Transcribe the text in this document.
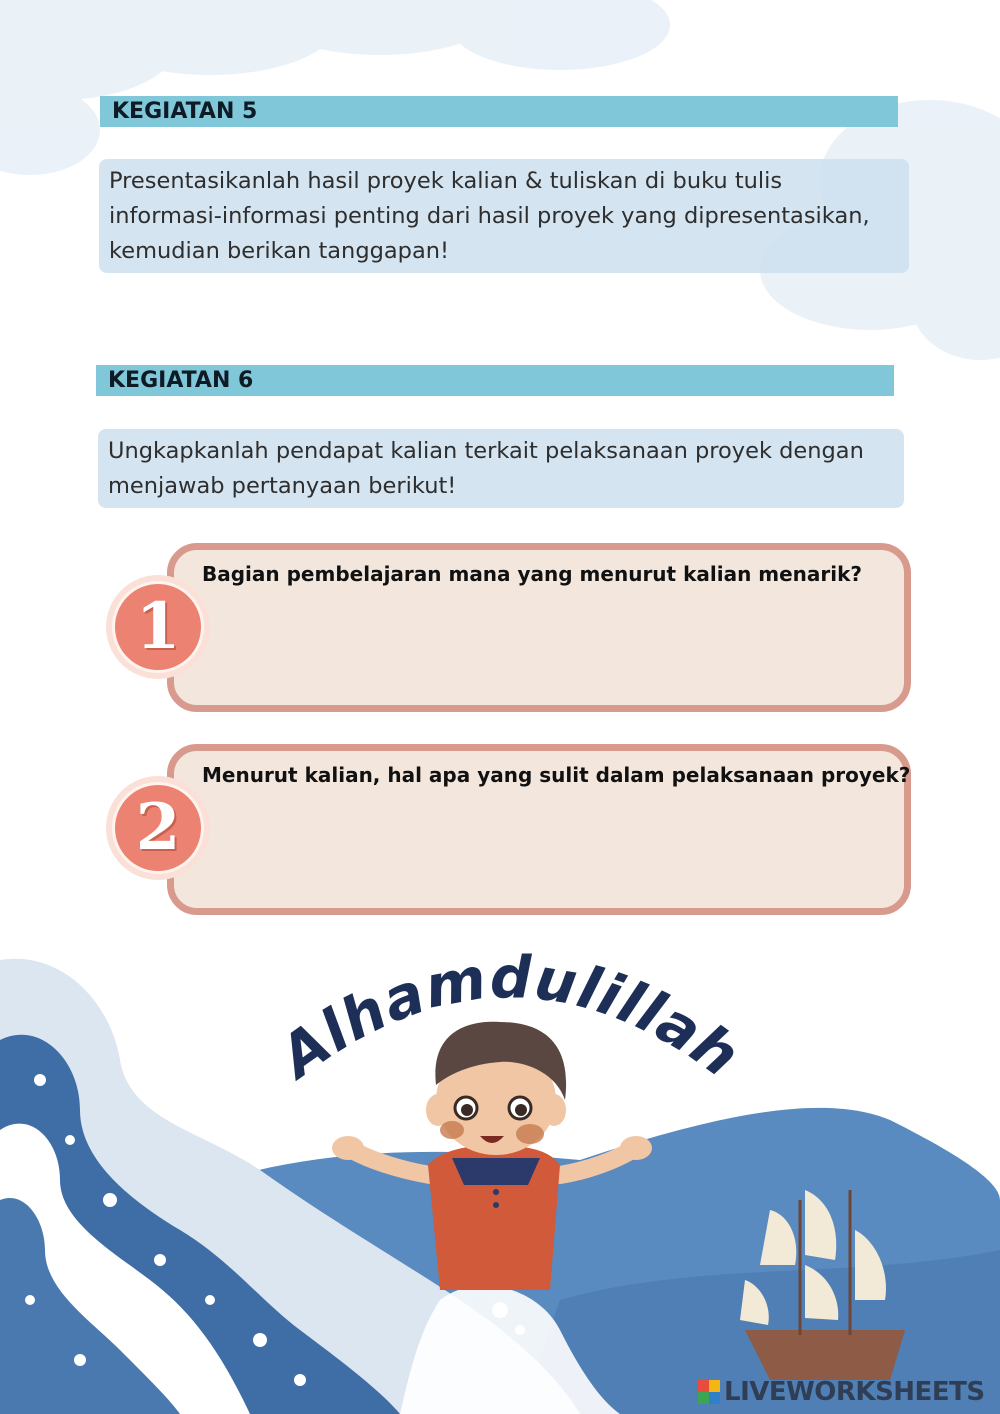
Alhamdulillah
KEGIATAN 5
Presentasikanlah hasil proyek kalian & tuliskan di buku tulis
informasi-informasi penting dari hasil proyek yang dipresentasikan,
kemudian berikan tanggapan!
KEGIATAN 6
Ungkapkanlah pendapat kalian terkait pelaksanaan proyek dengan menjawab pertanyaan berikut!
Bagian pembelajaran mana yang menurut kalian menarik?
1
Menurut kalian, hal apa yang sulit dalam pelaksanaan proyek?
2
LIVEWORKSHEETS
